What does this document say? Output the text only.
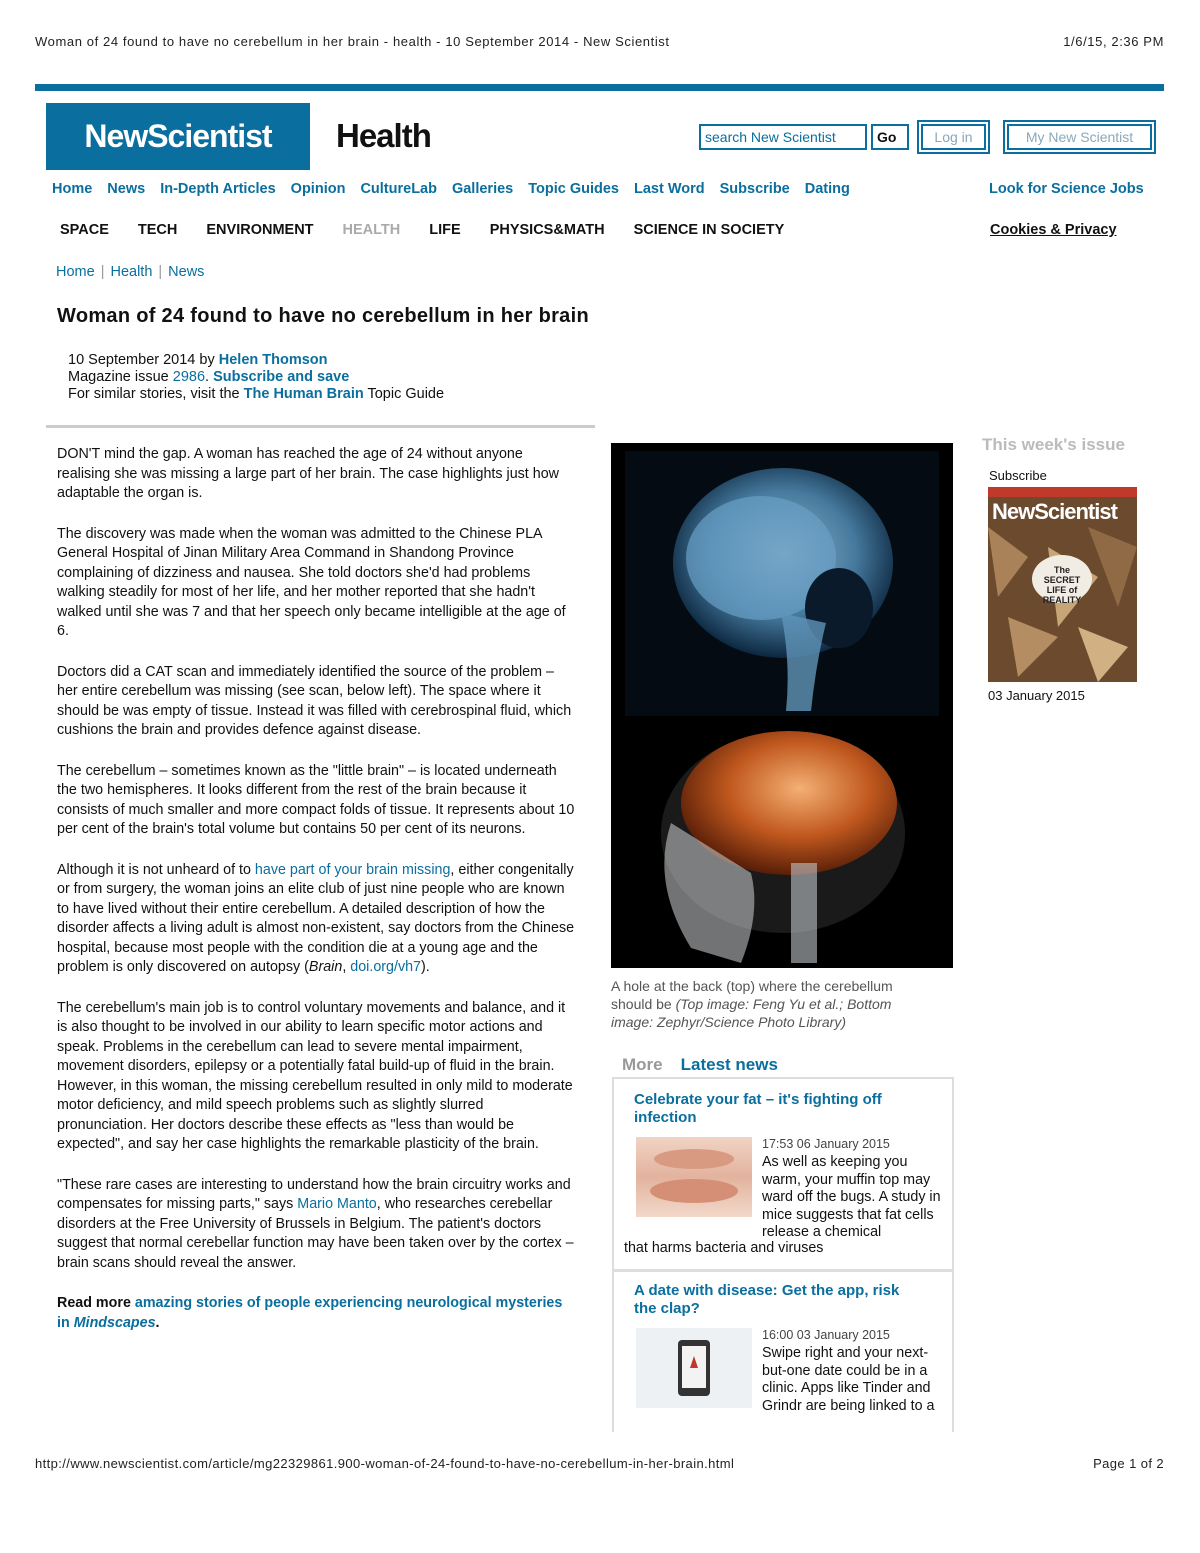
Woman of 24 found to have no cerebellum in her brain - health - 10 September 2014 - New Scientist	1/6/15, 2:36 PM
NewScientist Health
search New Scientist	Go	Log in	My New Scientist
Home News In-Depth Articles Opinion CultureLab Galleries Topic Guides Last Word Subscribe Dating	Look for Science Jobs
SPACE TECH ENVIRONMENT HEALTH LIFE PHYSICS&MATH SCIENCE IN SOCIETY	Cookies & Privacy
Home | Health | News
Woman of 24 found to have no cerebellum in her brain
10 September 2014 by Helen Thomson
Magazine issue 2986. Subscribe and save
For similar stories, visit the The Human Brain Topic Guide

DON'T mind the gap. A woman has reached the age of 24 without anyone realising she was missing a large part of her brain. The case highlights just how adaptable the organ is.

The discovery was made when the woman was admitted to the Chinese PLA General Hospital of Jinan Military Area Command in Shandong Province complaining of dizziness and nausea. She told doctors she'd had problems walking steadily for most of her life, and her mother reported that she hadn't walked until she was 7 and that her speech only became intelligible at the age of 6.

Doctors did a CAT scan and immediately identified the source of the problem – her entire cerebellum was missing (see scan, below left). The space where it should be was empty of tissue. Instead it was filled with cerebrospinal fluid, which cushions the brain and provides defence against disease.

The cerebellum – sometimes known as the "little brain" – is located underneath the two hemispheres. It looks different from the rest of the brain because it consists of much smaller and more compact folds of tissue. It represents about 10 per cent of the brain's total volume but contains 50 per cent of its neurons.

Although it is not unheard of to have part of your brain missing, either congenitally or from surgery, the woman joins an elite club of just nine people who are known to have lived without their entire cerebellum. A detailed description of how the disorder affects a living adult is almost non-existent, say doctors from the Chinese hospital, because most people with the condition die at a young age and the problem is only discovered on autopsy (Brain, doi.org/vh7).

The cerebellum's main job is to control voluntary movements and balance, and it is also thought to be involved in our ability to learn specific motor actions and speak. Problems in the cerebellum can lead to severe mental impairment, movement disorders, epilepsy or a potentially fatal build-up of fluid in the brain. However, in this woman, the missing cerebellum resulted in only mild to moderate motor deficiency, and mild speech problems such as slightly slurred pronunciation. Her doctors describe these effects as "less than would be expected", and say her case highlights the remarkable plasticity of the brain.

"These rare cases are interesting to understand how the brain circuitry works and compensates for missing parts," says Mario Manto, who researches cerebellar disorders at the Free University of Brussels in Belgium. The patient's doctors suggest that normal cerebellar function may have been taken over by the cortex – brain scans should reveal the answer.

Read more amazing stories of people experiencing neurological mysteries in Mindscapes.

A hole at the back (top) where the cerebellum should be (Top image: Feng Yu et al.; Bottom image: Zephyr/Science Photo Library)
More Latest news
Celebrate your fat – it's fighting off infection
17:53 06 January 2015
As well as keeping you warm, your muffin top may ward off the bugs. A study in mice suggests that fat cells release a chemical
that harms bacteria and viruses
A date with disease: Get the app, risk the clap?
16:00 03 January 2015
Swipe right and your next-but-one date could be in a clinic. Apps like Tinder and Grindr are being linked to a
This week's issue
Subscribe
NewScientist
The SECRET LIFE of REALITY
03 January 2015
http://www.newscientist.com/article/mg22329861.900-woman-of-24-found-to-have-no-cerebellum-in-her-brain.html	Page 1 of 2
